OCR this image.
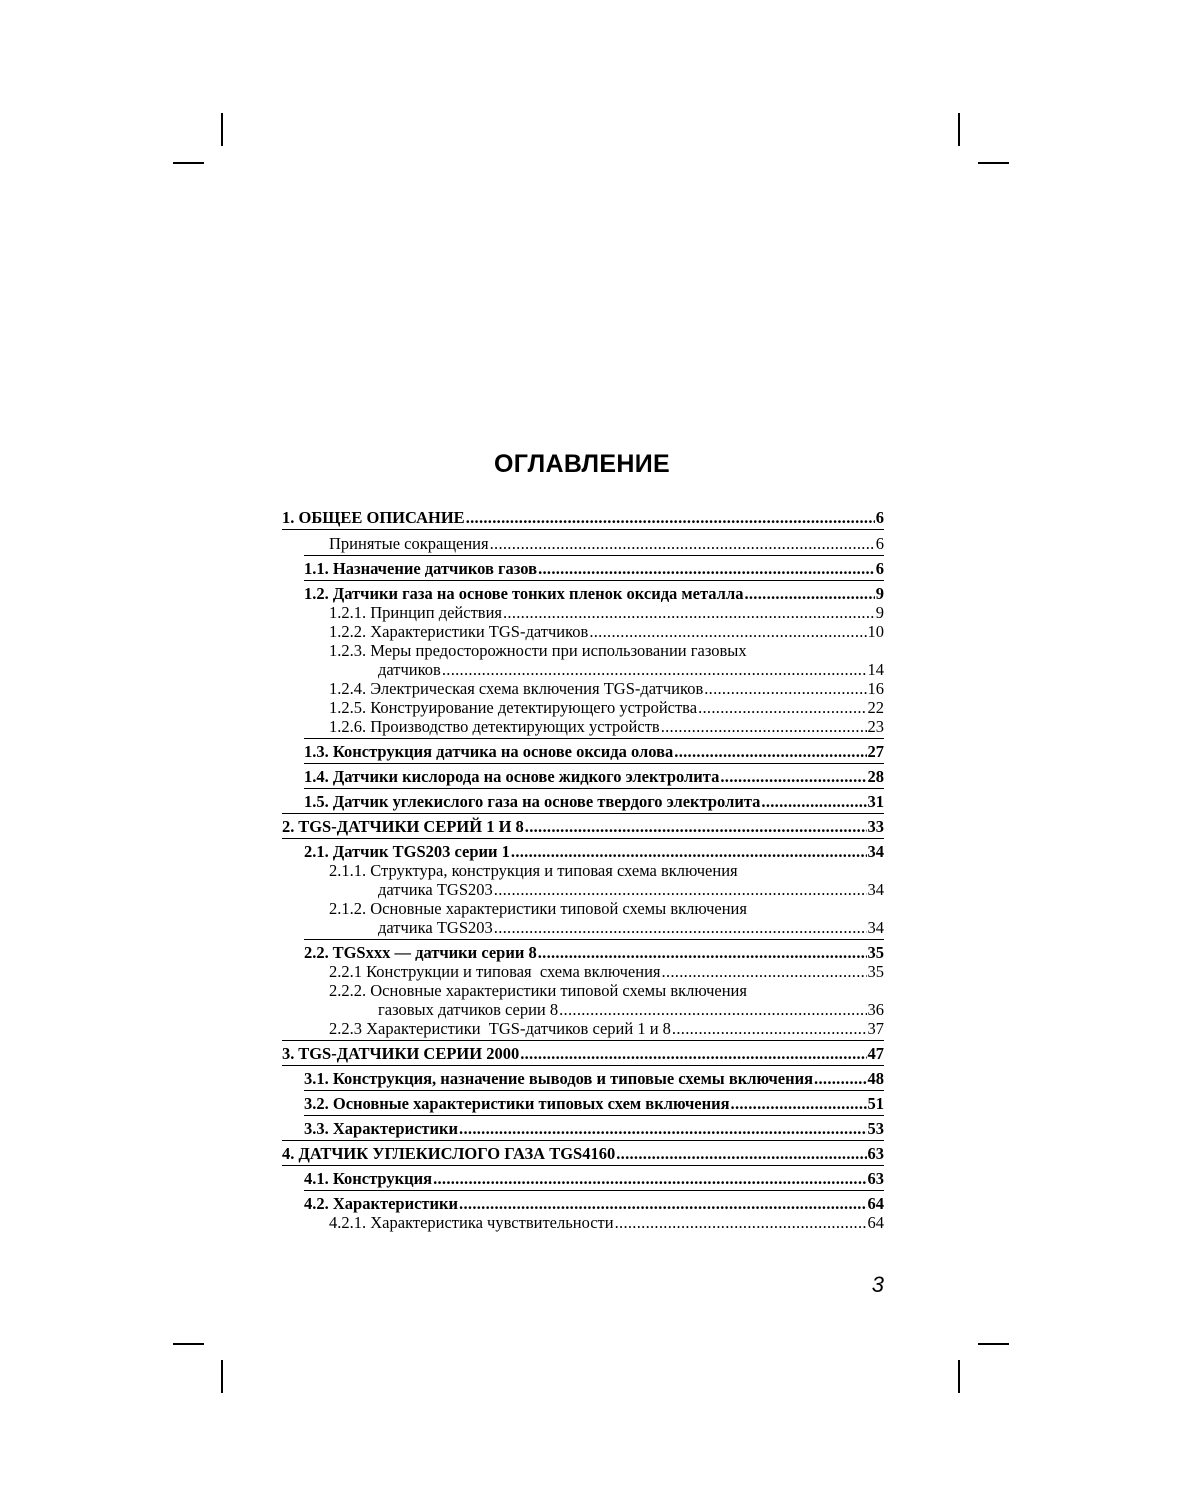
ОГЛАВЛЕНИЕ
1. ОБЩЕЕ ОПИСАНИЕ .....	6
Принятые сокращения .....	6
1.1. Назначение датчиков газов .....	6
1.2. Датчики газа на основе тонких пленок оксида металла .....	9
1.2.1. Принцип действия .....	9
1.2.2. Характеристики TGS-датчиков .....	10
1.2.3. Меры предосторожности при использовании газовых
датчиков .....	14
1.2.4. Электрическая схема включения TGS-датчиков .....	16
1.2.5. Конструирование детектирующего устройства .....	22
1.2.6. Производство детектирующих устройств .....	23
1.3. Конструкция датчика на основе оксида олова .....	27
1.4. Датчики кислорода на основе жидкого электролита .....	28
1.5. Датчик углекислого газа на основе твердого электролита .....	31
2. TGS-ДАТЧИКИ СЕРИЙ 1 И 8 .....	33
2.1. Датчик TGS203 серии 1 .....	34
2.1.1. Структура, конструкция и типовая схема включения
датчика TGS203 .....	34
2.1.2. Основные характеристики типовой схемы включения
датчика TGS203 .....	34
2.2. TGSxxx — датчики серии 8 .....	35
2.2.1 Конструкции и типовая  схема включения .....	35
2.2.2. Основные характеристики типовой схемы включения
газовых датчиков серии 8 .....	36
2.2.3 Характеристики  TGS-датчиков серий 1 и 8 .....	37
3. TGS-ДАТЧИКИ СЕРИИ 2000 .....	47
3.1. Конструкция, назначение выводов и типовые схемы включения .....	48
3.2. Основные характеристики типовых схем включения .....	51
3.3. Характеристики .....	53
4. ДАТЧИК УГЛЕКИСЛОГО ГАЗА TGS4160 .....	63
4.1. Конструкция .....	63
4.2. Характеристики .....	64
4.2.1. Характеристика чувствительности .....	64
3
